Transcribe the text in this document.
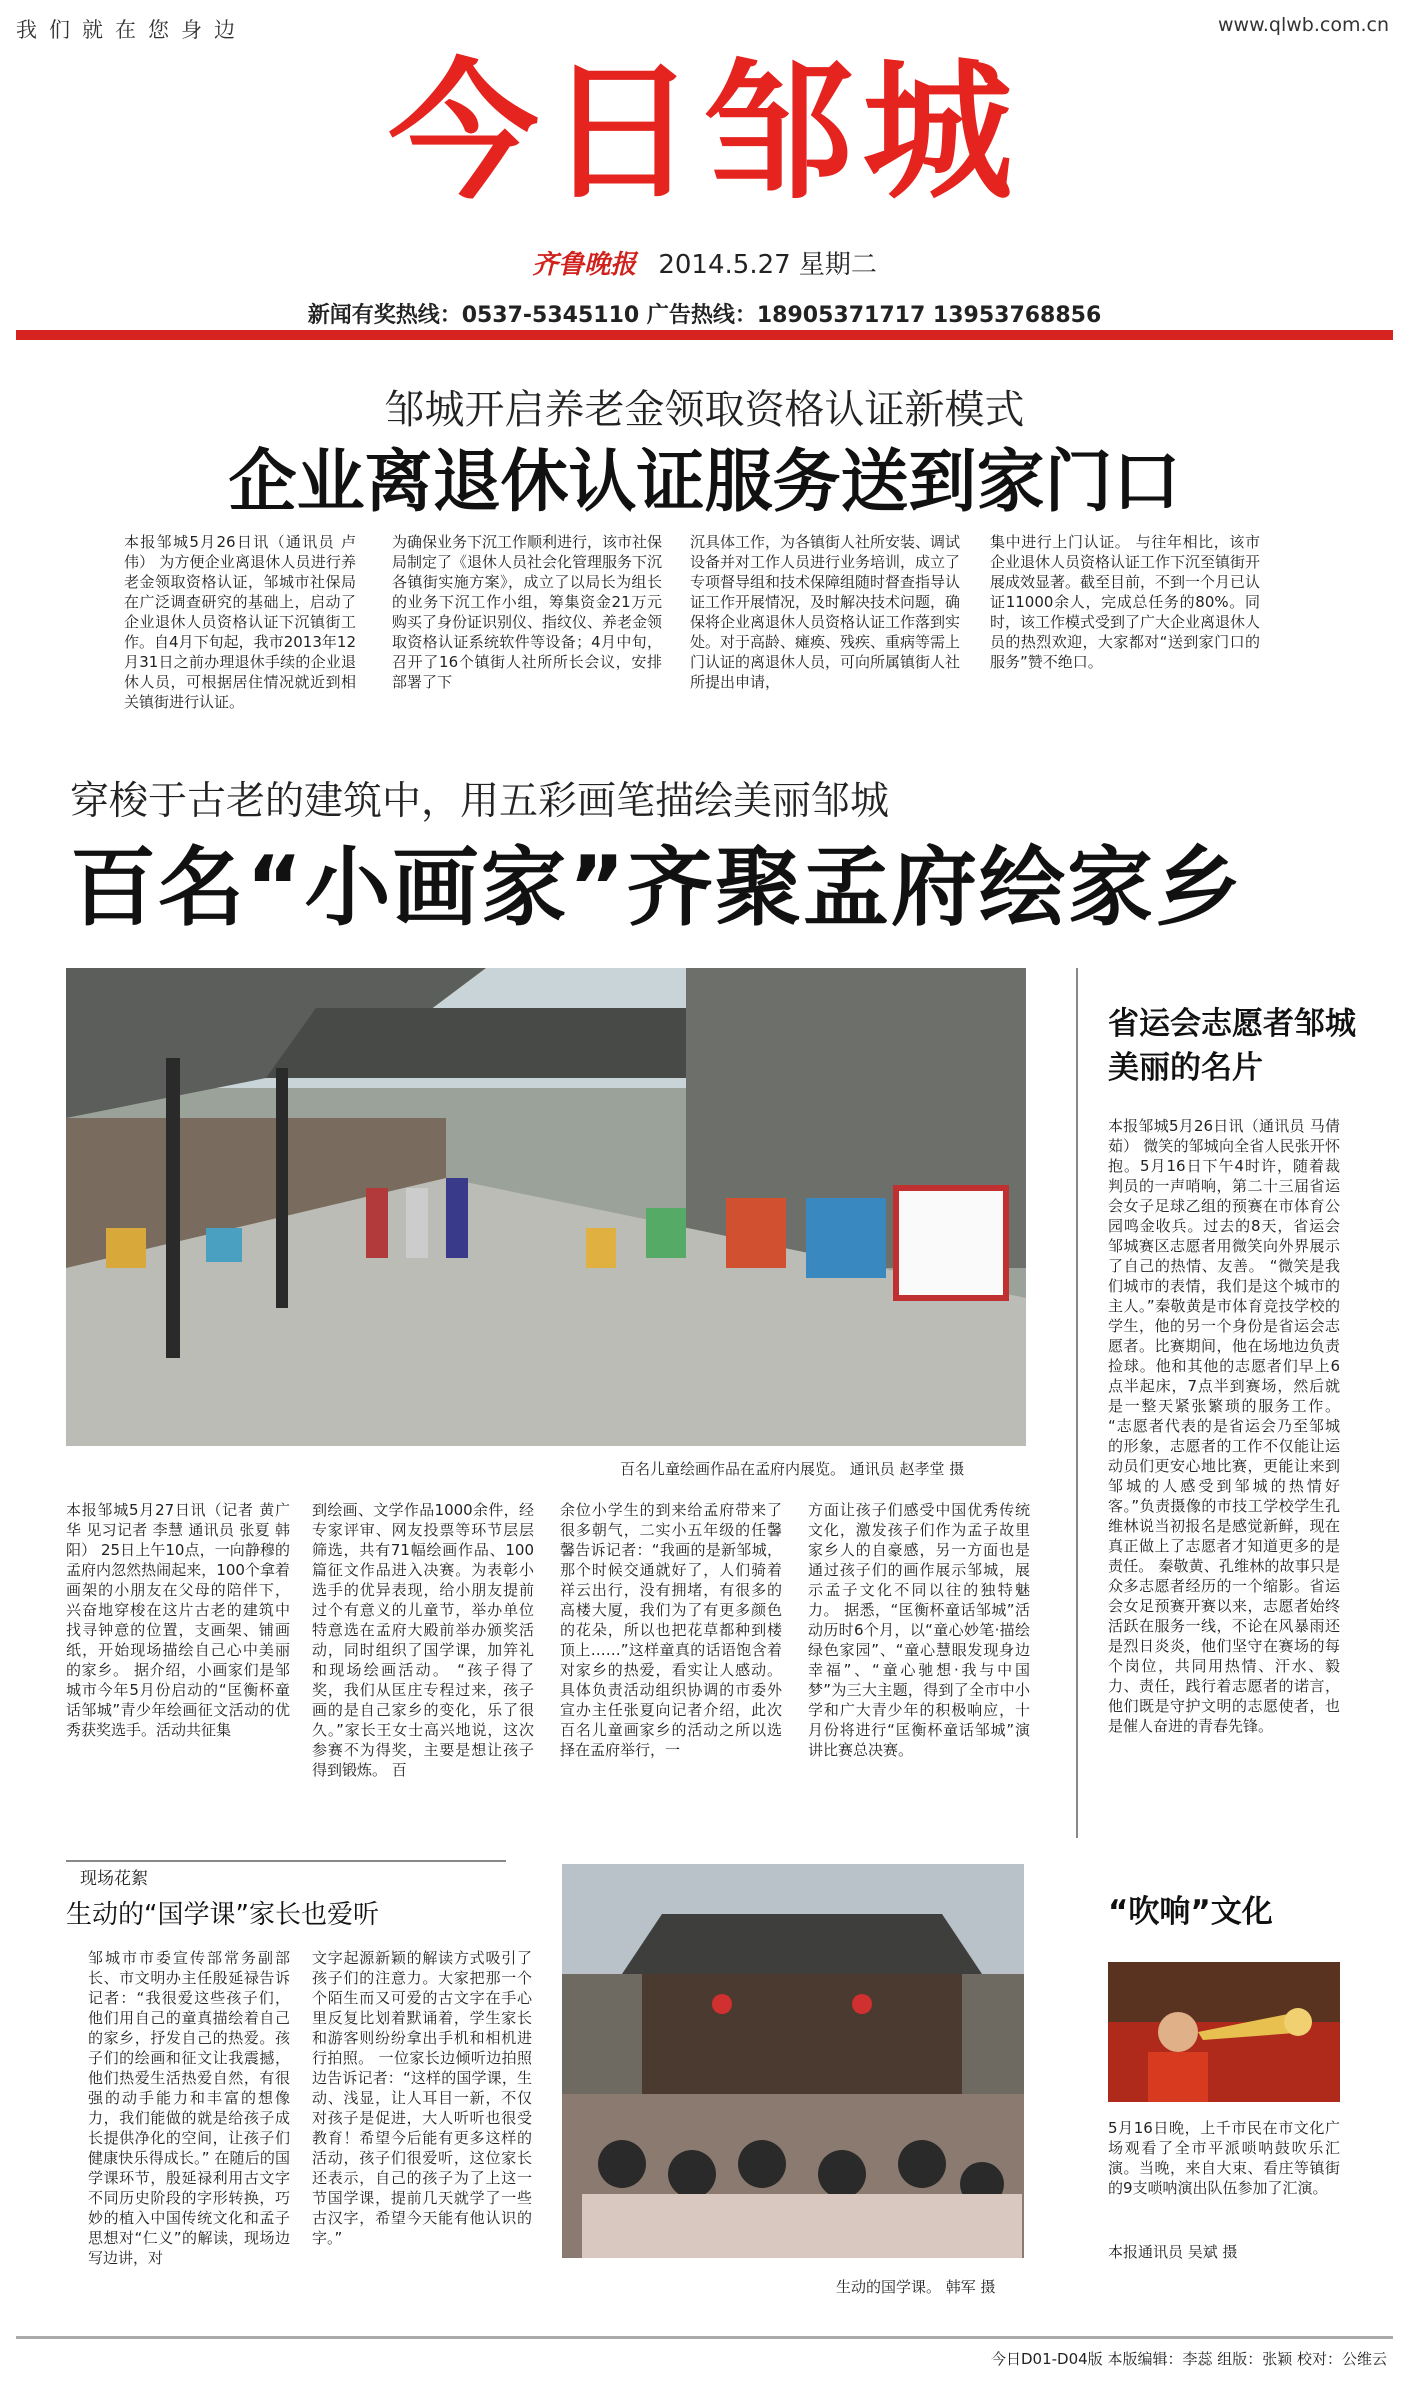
我们就在您身边	www.qlwb.com.cn
今日邹城
齐鲁晚报 2014.5.27 星期二
新闻有奖热线：0537-5345110 广告热线：18905371717 13953768856
邹城开启养老金领取资格认证新模式
企业离退休认证服务送到家门口
本报邹城5月26日讯（通讯员 卢伟） 为方便企业离退休人员进行养老金领取资格认证，邹城市社保局在广泛调查研究的基础上，启动了企业退休人员资格认证下沉镇街工作。自4月下旬起，我市2013年12月31日之前办理退休手续的企业退休人员，可根据居住情况就近到相关镇街进行认证。
为确保业务下沉工作顺利进行，该市社保局制定了《退休人员社会化管理服务下沉各镇街实施方案》，成立了以局长为组长的业务下沉工作小组，筹集资金21万元购买了身份证识别仪、指纹仪、养老金领取资格认证系统软件等设备；4月中旬，召开了16个镇街人社所所长会议，安排部署了下
沉具体工作，为各镇街人社所安装、调试设备并对工作人员进行业务培训，成立了专项督导组和技术保障组随时督查指导认证工作开展情况，及时解决技术问题，确保将企业离退休人员资格认证工作落到实处。对于高龄、瘫痪、残疾、重病等需上门认证的离退休人员，可向所属镇街人社所提出申请，
集中进行上门认证。 与往年相比，该市企业退休人员资格认证工作下沉至镇街开展成效显著。截至目前，不到一个月已认证11000余人，完成总任务的80%。同时，该工作模式受到了广大企业离退休人员的热烈欢迎，大家都对“送到家门口的服务”赞不绝口。
穿梭于古老的建筑中，用五彩画笔描绘美丽邹城
百名“小画家”齐聚孟府绘家乡
百名儿童绘画作品在孟府内展览。 通讯员 赵孝堂 摄
本报邹城5月27日讯（记者 黄广华 见习记者 李慧 通讯员 张夏 韩阳） 25日上午10点，一向静穆的孟府内忽然热闹起来，100个拿着画架的小朋友在父母的陪伴下，兴奋地穿梭在这片古老的建筑中找寻钟意的位置，支画架、铺画纸，开始现场描绘自己心中美丽的家乡。 据介绍，小画家们是邹城市今年5月份启动的“匡衡杯童话邹城”青少年绘画征文活动的优秀获奖选手。活动共征集
到绘画、文学作品1000余件，经专家评审、网友投票等环节层层筛选，共有71幅绘画作品、100篇征文作品进入决赛。为表彰小选手的优异表现，给小朋友提前过个有意义的儿童节，举办单位特意选在孟府大殿前举办颁奖活动，同时组织了国学课，加笄礼和现场绘画活动。 “孩子得了奖，我们从匡庄专程过来，孩子画的是自己家乡的变化，乐了很久。”家长王女士高兴地说，这次参赛不为得奖，主要是想让孩子得到锻炼。 百
余位小学生的到来给孟府带来了很多朝气，二实小五年级的任馨馨告诉记者：“我画的是新邹城，那个时候交通就好了，人们骑着祥云出行，没有拥堵，有很多的高楼大厦，我们为了有更多颜色的花朵，所以也把花草都种到楼顶上……”这样童真的话语饱含着对家乡的热爱，看实让人感动。 具体负责活动组织协调的市委外宣办主任张夏向记者介绍，此次百名儿童画家乡的活动之所以选择在孟府举行，一
方面让孩子们感受中国优秀传统文化，激发孩子们作为孟子故里家乡人的自豪感，另一方面也是通过孩子们的画作展示邹城，展示孟子文化不同以往的独特魅力。 据悉，“匡衡杯童话邹城”活动历时6个月，以“童心妙笔·描绘绿色家园”、“童心慧眼发现身边幸福”、“童心驰想·我与中国梦”为三大主题，得到了全市中小学和广大青少年的积极响应，十月份将进行“匡衡杯童话邹城”演讲比赛总决赛。
省运会志愿者邹城美丽的名片
本报邹城5月26日讯（通讯员 马倩茹） 微笑的邹城向全省人民张开怀抱。5月16日下午4时许，随着裁判员的一声哨响，第二十三届省运会女子足球乙组的预赛在市体育公园鸣金收兵。过去的8天，省运会邹城赛区志愿者用微笑向外界展示了自己的热情、友善。 “微笑是我们城市的表情，我们是这个城市的主人。”秦敬黄是市体育竞技学校的学生，他的另一个身份是省运会志愿者。比赛期间，他在场地边负责捡球。他和其他的志愿者们早上6点半起床，7点半到赛场，然后就是一整天紧张繁琐的服务工作。 “志愿者代表的是省运会乃至邹城的形象，志愿者的工作不仅能让运动员们更安心地比赛，更能让来到邹城的人感受到邹城的热情好客。”负责摄像的市技工学校学生孔维林说当初报名是感觉新鲜，现在真正做上了志愿者才知道更多的是责任。 秦敬黄、孔维林的故事只是众多志愿者经历的一个缩影。省运会女足预赛开赛以来，志愿者始终活跃在服务一线，不论在风暴雨还是烈日炎炎，他们坚守在赛场的每个岗位，共同用热情、汗水、毅力、责任，践行着志愿者的诺言，他们既是守护文明的志愿使者，也是催人奋进的青春先锋。
现场花絮
生动的“国学课”家长也爱听
邹城市市委宣传部常务副部长、市文明办主任殷延禄告诉记者：“我很爱这些孩子们，他们用自己的童真描绘着自己的家乡，抒发自己的热爱。孩子们的绘画和征文让我震撼，他们热爱生活热爱自然，有很强的动手能力和丰富的想像力，我们能做的就是给孩子成长提供净化的空间，让孩子们健康快乐得成长。” 在随后的国学课环节，殷延禄利用古文字不同历史阶段的字形转换，巧妙的植入中国传统文化和孟子思想对“仁义”的解读，现场边写边讲，对
文字起源新颖的解读方式吸引了孩子们的注意力。大家把那一个个陌生而又可爱的古文字在手心里反复比划着默诵着，学生家长和游客则纷纷拿出手机和相机进行拍照。 一位家长边倾听边拍照边告诉记者：“这样的国学课，生动、浅显，让人耳目一新，不仅对孩子是促进，大人听听也很受教育！希望今后能有更多这样的活动，孩子们很爱听，这位家长还表示，自己的孩子为了上这一节国学课，提前几天就学了一些古汉字，希望今天能有他认识的字。”
生动的国学课。 韩军 摄
“吹响”文化
5月16日晚，上千市民在市文化广场观看了全市平派唢呐鼓吹乐汇演。当晚，来自大束、看庄等镇街的9支唢呐演出队伍参加了汇演。
本报通讯员 吴斌 摄
今日D01-D04版 本版编辑：李蕊 组版：张颖 校对：公维云
